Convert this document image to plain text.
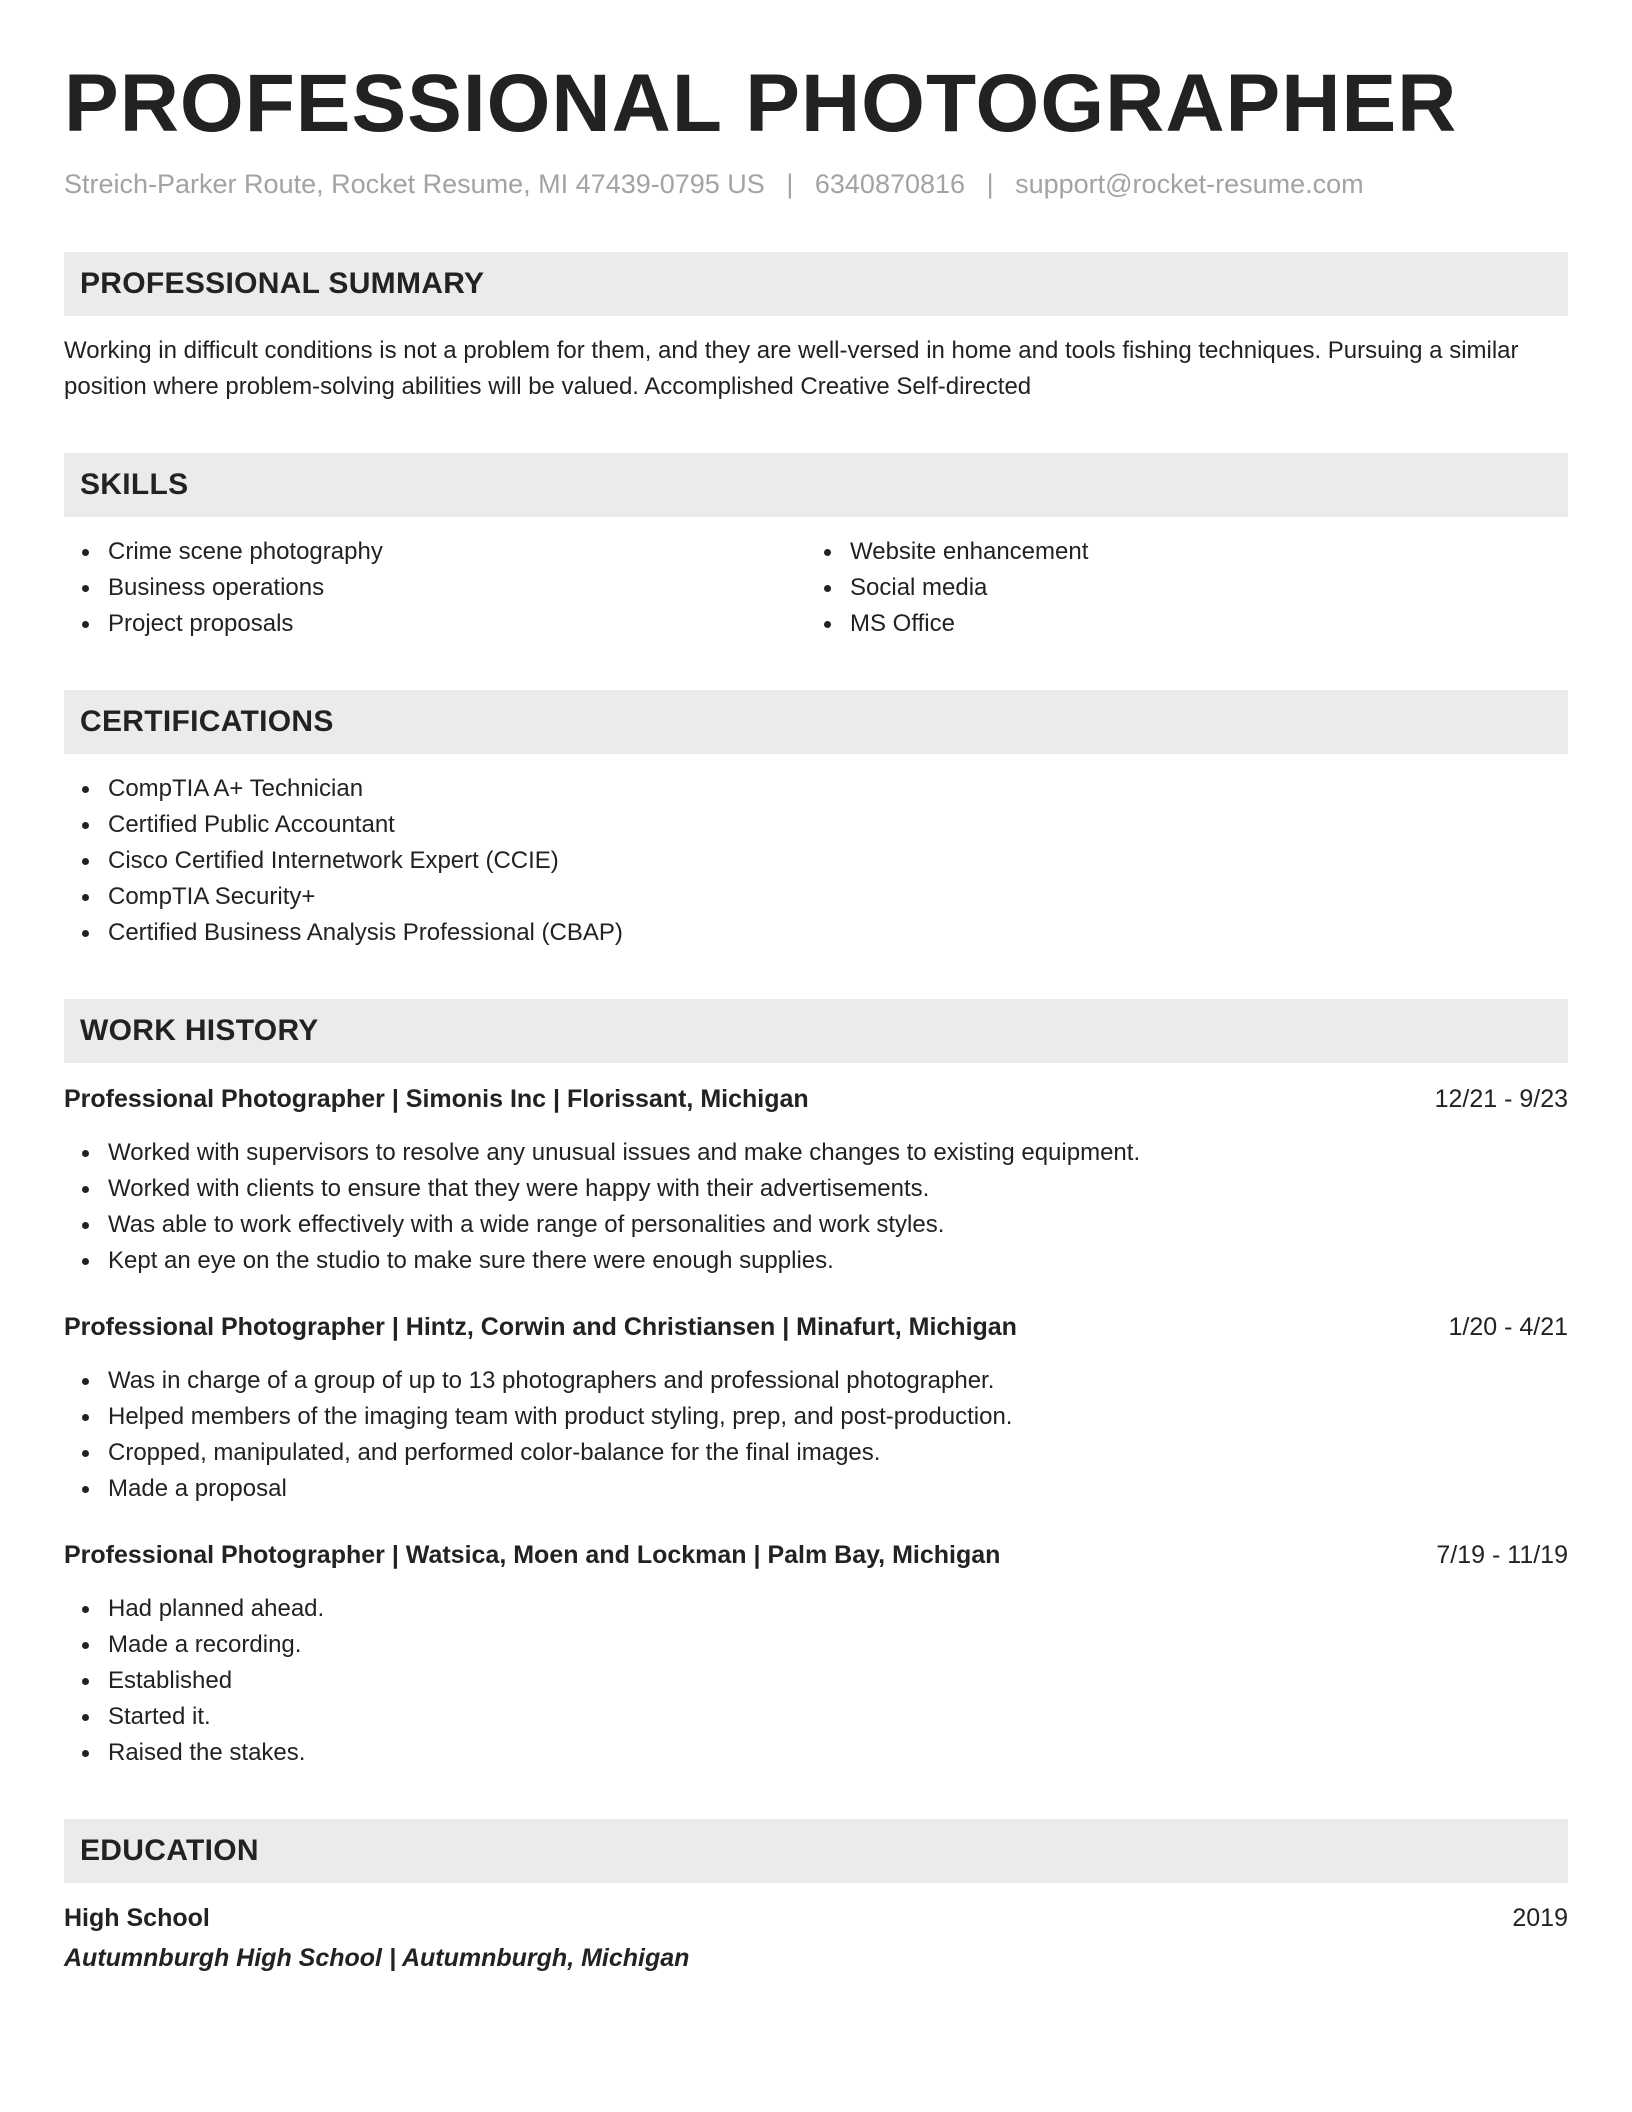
PROFESSIONAL PHOTOGRAPHER
Streich-Parker Route, Rocket Resume, MI 47439-0795 US | 6340870816 | support@rocket-resume.com
PROFESSIONAL SUMMARY

Working in difficult conditions is not a problem for them, and they are well-versed in home and tools fishing techniques. Pursuing a similar position where problem-solving abilities will be valued. Accomplished Creative Self-directed

SKILLS
Crime scene photography
Business operations
Project proposals
Website enhancement
Social media
MS Office
CERTIFICATIONS
CompTIA A+ Technician
Certified Public Accountant
Cisco Certified Internetwork Expert (CCIE)
CompTIA Security+
Certified Business Analysis Professional (CBAP)
WORK HISTORY
Professional Photographer | Simonis Inc | Florissant, Michigan	12/21 - 9/23
Worked with supervisors to resolve any unusual issues and make changes to existing equipment.
Worked with clients to ensure that they were happy with their advertisements.
Was able to work effectively with a wide range of personalities and work styles.
Kept an eye on the studio to make sure there were enough supplies.
Professional Photographer | Hintz, Corwin and Christiansen | Minafurt, Michigan	1/20 - 4/21
Was in charge of a group of up to 13 photographers and professional photographer.
Helped members of the imaging team with product styling, prep, and post-production.
Cropped, manipulated, and performed color-balance for the final images.
Made a proposal
Professional Photographer | Watsica, Moen and Lockman | Palm Bay, Michigan	7/19 - 11/19
Had planned ahead.
Made a recording.
Established
Started it.
Raised the stakes.
EDUCATION
High School	2019
Autumnburgh High School | Autumnburgh, Michigan
